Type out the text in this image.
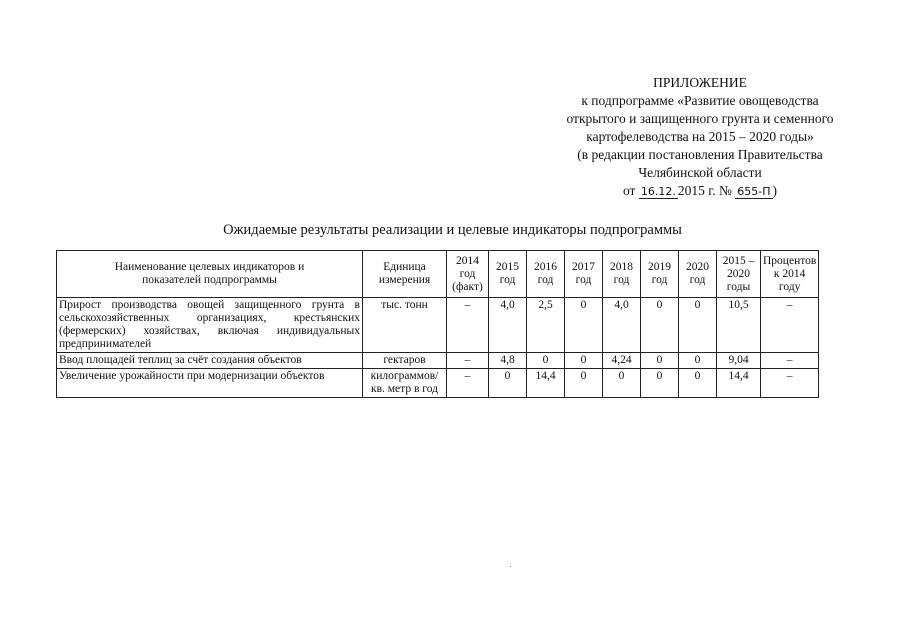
ПРИЛОЖЕНИЕ
к подпрограмме «Развитие овощеводства
открытого и защищенного грунта и семенного
картофелеводства на 2015 – 2020 годы»
(в редакции постановления Правительства
Челябинской области
от 16.12. 2015 г. № 655-П )
Ожидаемые результаты реализации и целевые индикаторы подпрограммы
Наименование целевых индикаторов и показателей подпрограммы	Единица измерения	2014 год (факт)	2015 год	2016 год	2017 год	2018 год	2019 год	2020 год	2015 – 2020 годы	Процентов к 2014 году
Прирост производства овощей защищенного грунта в сельскохозяйственных организациях, крестьянских (фермерских) хозяйствах, включая индивидуальных предпринимателей	тыс. тонн	–	4,0	2,5	0	4,0	0	0	10,5	–
Ввод площадей теплиц за счёт создания объектов	гектаров	–	4,8	0	0	4,24	0	0	9,04	–
Увеличение урожайности при модернизации объектов	килограммов/ кв. метр в год	–	0	14,4	0	0	0	0	14,4	–
